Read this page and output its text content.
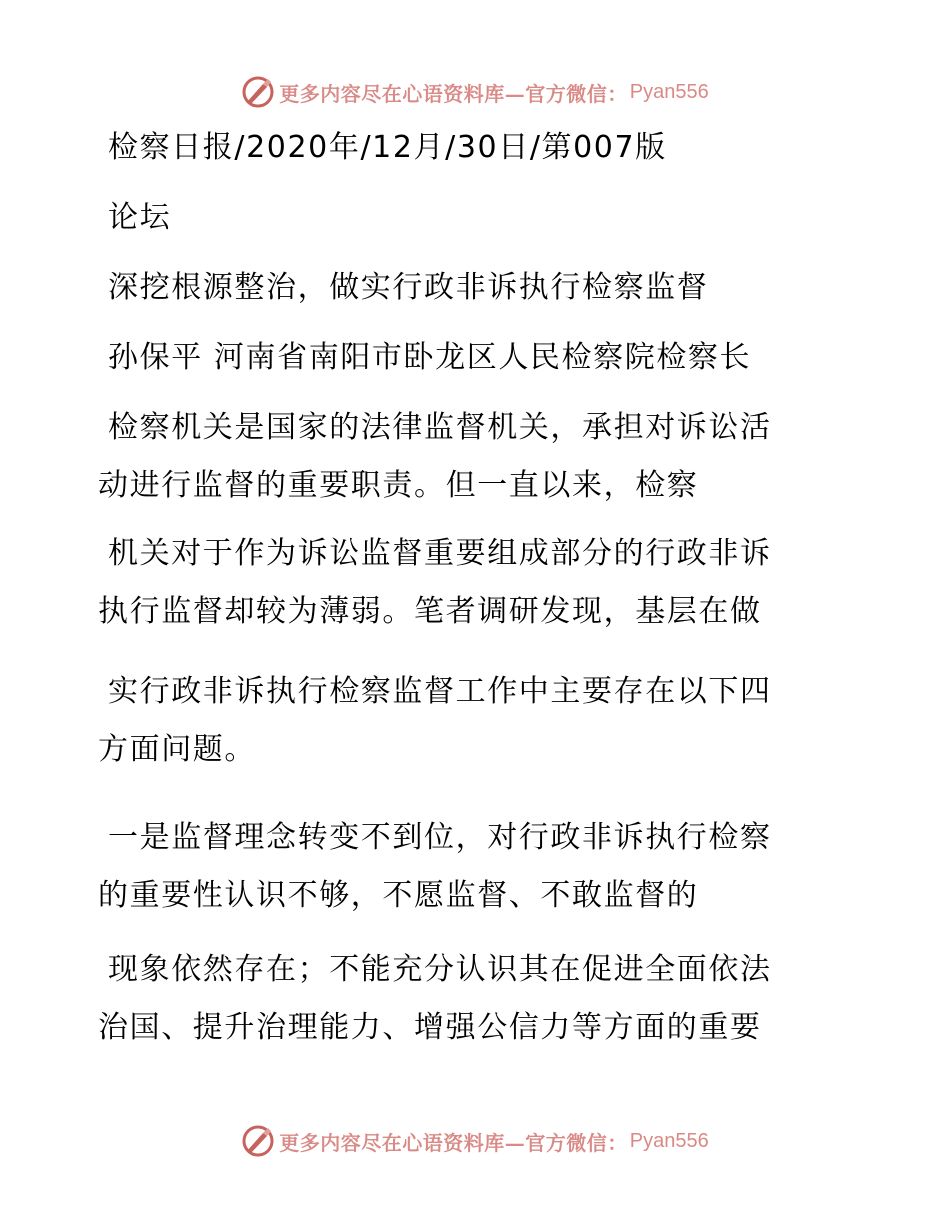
更多内容尽在心语资料库—官方微信： Pyan556
检察日报/2020年/12月/30日/第007版
论坛
深挖根源整治，做实行政非诉执行检察监督
孙保平 河南省南阳市卧龙区人民检察院检察长
检察机关是国家的法律监督机关，承担对诉讼活
动进行监督的重要职责。但一直以来，检察
机关对于作为诉讼监督重要组成部分的行政非诉
执行监督却较为薄弱。笔者调研发现，基层在做
实行政非诉执行检察监督工作中主要存在以下四
方面问题。
一是监督理念转变不到位，对行政非诉执行检察
的重要性认识不够，不愿监督、不敢监督的
现象依然存在；不能充分认识其在促进全面依法
治国、提升治理能力、增强公信力等方面的重要
更多内容尽在心语资料库—官方微信： Pyan556
